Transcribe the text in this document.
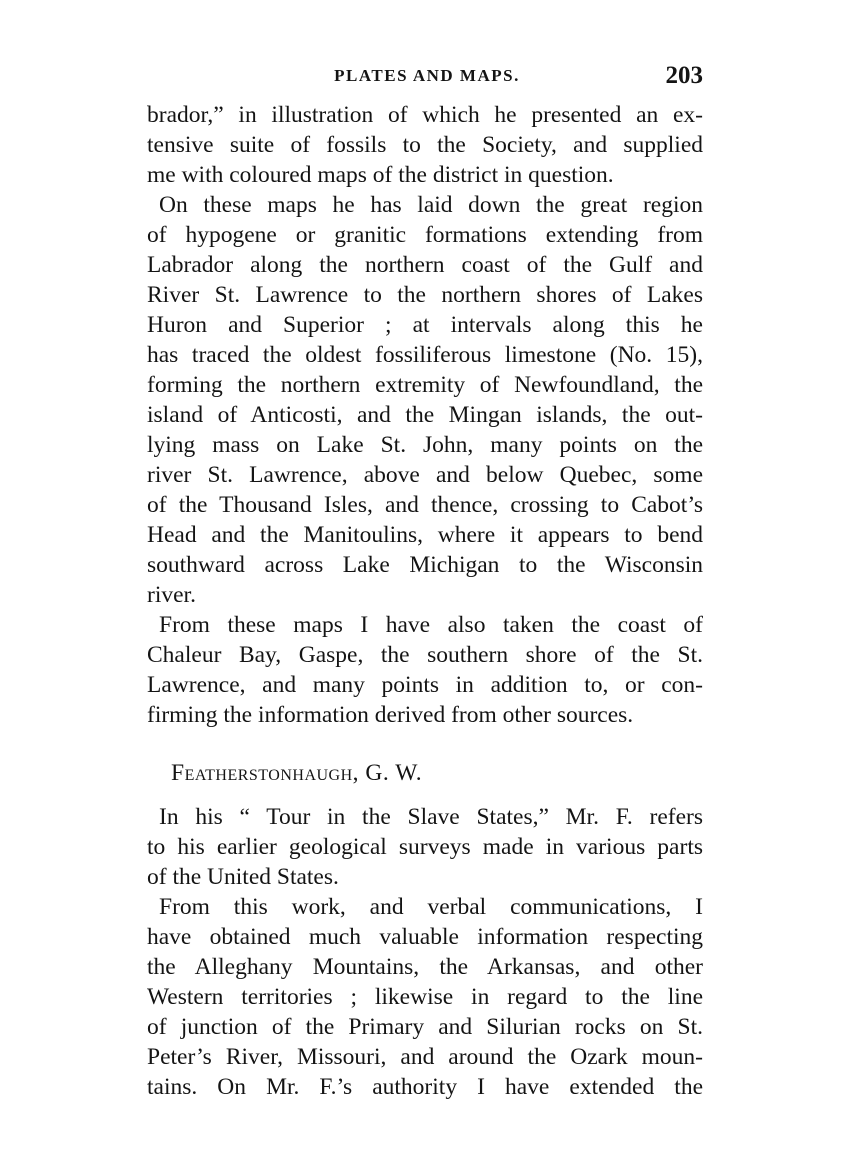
PLATES AND MAPS.	203
brador,” in illustration of which he presented an ex-
tensive suite of fossils to the Society, and supplied
me with coloured maps of the district in question.
On these maps he has laid down the great region
of hypogene or granitic formations extending from
Labrador along the northern coast of the Gulf and
River St. Lawrence to the northern shores of Lakes
Huron and Superior ; at intervals along this he
has traced the oldest fossiliferous limestone (No. 15),
forming the northern extremity of Newfoundland, the
island of Anticosti, and the Mingan islands, the out-
lying mass on Lake St. John, many points on the
river St. Lawrence, above and below Quebec, some
of the Thousand Isles, and thence, crossing to Cabot’s
Head and the Manitoulins, where it appears to bend
southward across Lake Michigan to the Wisconsin
river.
From these maps I have also taken the coast of
Chaleur Bay, Gaspe, the southern shore of the St.
Lawrence, and many points in addition to, or con-
firming the information derived from other sources.
Featherstonhaugh, G. W.
In his “ Tour in the Slave States,” Mr. F. refers
to his earlier geological surveys made in various parts
of the United States.
From this work, and verbal communications, I
have obtained much valuable information respecting
the Alleghany Mountains, the Arkansas, and other
Western territories ; likewise in regard to the line
of junction of the Primary and Silurian rocks on St.
Peter’s River, Missouri, and around the Ozark moun-
tains. On Mr. F.’s authority I have extended the
